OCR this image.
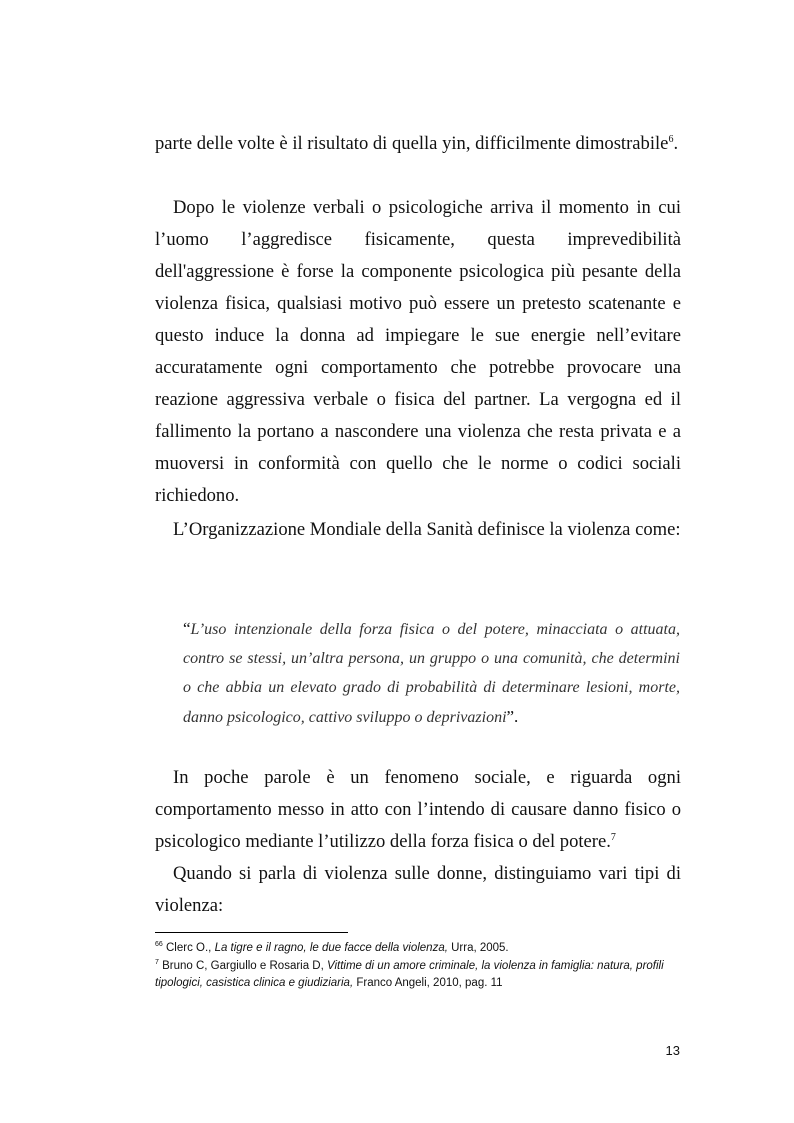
parte delle volte è il risultato di quella yin, difficilmente dimostrabile$^6$.

Dopo le violenze verbali o psicologiche arriva il momento in cui l’uomo l’aggredisce fisicamente, questa imprevedibilità dell'aggressione è forse la componente psicologica più pesante della violenza fisica, qualsiasi motivo può essere un pretesto scatenante e questo induce la donna ad impiegare le sue energie nell’evitare accuratamente ogni comportamento che potrebbe provocare una reazione aggressiva verbale o fisica del partner. La vergogna ed il fallimento la portano a nascondere una violenza che resta privata e a muoversi in conformità con quello che le norme o codici sociali richiedono.

L’Organizzazione Mondiale della Sanità definisce la violenza come:

“L’uso intenzionale della forza fisica o del potere, minacciata o attuata, contro se stessi, un’altra persona, un gruppo o una comunità, che determini o che abbia un elevato grado di probabilità di determinare lesioni, morte, danno psicologico, cattivo sviluppo o deprivazioni”.

In poche parole è un fenomeno sociale, e riguarda ogni comportamento messo in atto con l’intendo di causare danno fisico o psicologico mediante l’utilizzo della forza fisica o del potere.$^7$

Quando si parla di violenza sulle donne, distinguiamo vari tipi di violenza:

$^{66}$ Clerc O., La tigre e il ragno, le due facce della violenza, Urra, 2005.

$^7$ Bruno C, Gargiullo e Rosaria D, Vittime di un amore criminale, la violenza in famiglia: natura, profili tipologici, casistica clinica e giudiziaria, Franco Angeli, 2010, pag. 11

13
